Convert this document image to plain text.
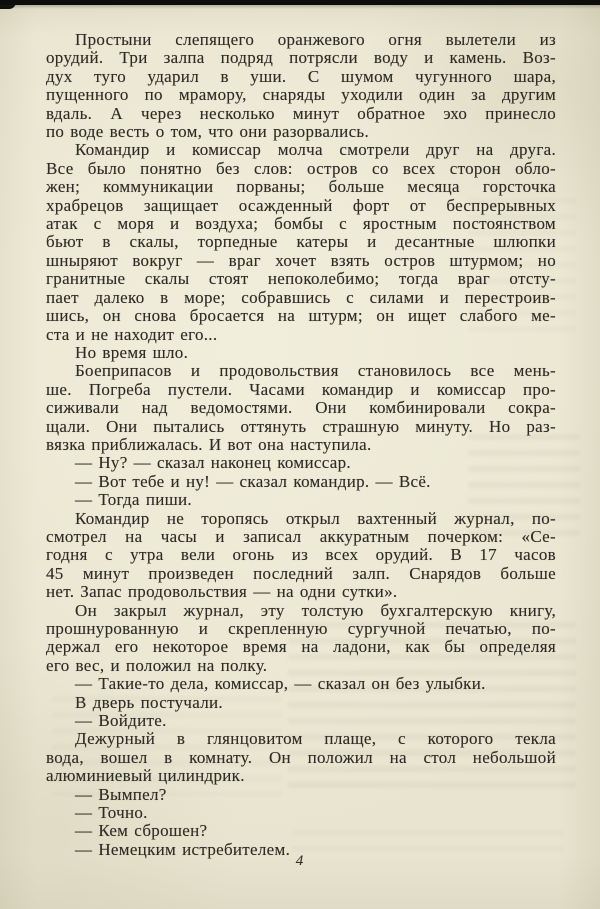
Простыни слепящего оранжевого огня вылетели из
орудий. Три залпа подряд потрясли воду и камень. Воз-
дух туго ударил в уши. С шумом чугунного шара,
пущенного по мрамору, снаряды уходили один за другим
вдаль. А через несколько минут обратное эхо принесло
по воде весть о том, что они разорвались.
Командир и комиссар молча смотрели друг на друга.
Все было понятно без слов: остров со всех сторон обло-
жен; коммуникации порваны; больше месяца горсточка
храбрецов защищает осажденный форт от беспрерывных
атак с моря и воздуха; бомбы с яростным постоянством
бьют в скалы, торпедные катеры и десантные шлюпки
шныряют вокруг — враг хочет взять остров штурмом; но
гранитные скалы стоят непоколебимо; тогда враг отсту-
пает далеко в море; собравшись с силами и перестроив-
шись, он снова бросается на штурм; он ищет слабого ме-
ста и не находит его...
Но время шло.
Боеприпасов и продовольствия становилось все мень-
ше. Погреба пустели. Часами командир и комиссар про-
сиживали над ведомостями. Они комбинировали сокра-
щали. Они пытались оттянуть страшную минуту. Но раз-
вязка приближалась. И вот она наступила.
— Ну? — сказал наконец комиссар.
— Вот тебе и ну! — сказал командир. — Всё.
— Тогда пиши.
Командир не торопясь открыл вахтенный журнал, по-
смотрел на часы и записал аккуратным почерком: «Се-
годня с утра вели огонь из всех орудий. В 17 часов
45 минут произведен последний залп. Снарядов больше
нет. Запас продовольствия — на одни сутки».
Он закрыл журнал, эту толстую бухгалтерскую книгу,
прошнурованную и скрепленную сургучной печатью, по-
держал его некоторое время на ладони, как бы определяя
его вес, и положил на полку.
— Такие-то дела, комиссар, — сказал он без улыбки.
В дверь постучали.
— Войдите.
Дежурный в глянцовитом плаще, с которого текла
вода, вошел в комнату. Он положил на стол небольшой
алюминиевый цилиндрик.
— Вымпел?
— Точно.
— Кем сброшен?
— Немецким истребителем.
4
